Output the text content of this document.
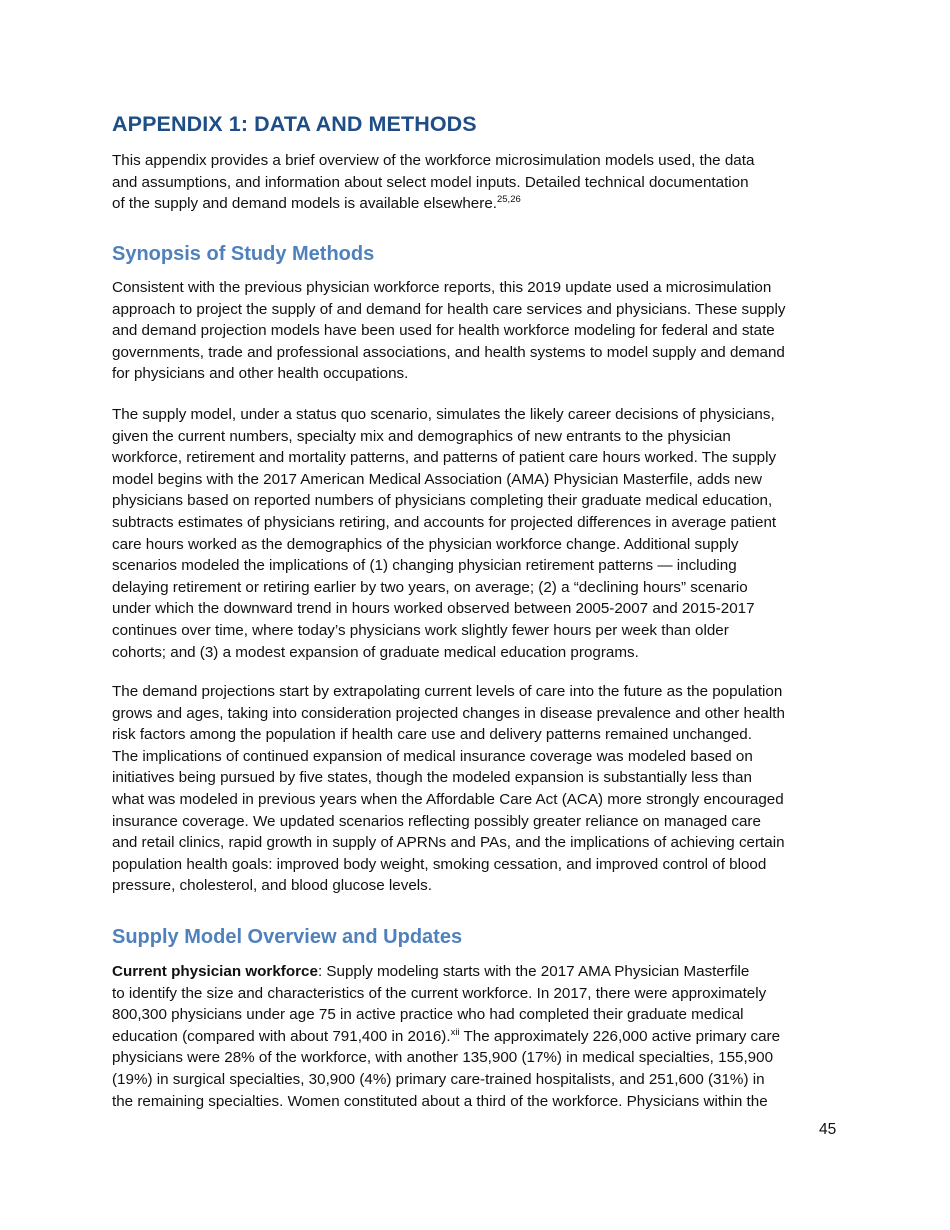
APPENDIX 1: DATA AND METHODS
This appendix provides a brief overview of the workforce microsimulation models used, the data
and assumptions, and information about select model inputs. Detailed technical documentation
of the supply and demand models is available elsewhere.$^{25,26}$
Synopsis of Study Methods
Consistent with the previous physician workforce reports, this 2019 update used a microsimulation
approach to project the supply of and demand for health care services and physicians. These supply
and demand projection models have been used for health workforce modeling for federal and state
governments, trade and professional associations, and health systems to model supply and demand
for physicians and other health occupations.
The supply model, under a status quo scenario, simulates the likely career decisions of physicians,
given the current numbers, specialty mix and demographics of new entrants to the physician
workforce, retirement and mortality patterns, and patterns of patient care hours worked. The supply
model begins with the 2017 American Medical Association (AMA) Physician Masterfile, adds new
physicians based on reported numbers of physicians completing their graduate medical education,
subtracts estimates of physicians retiring, and accounts for projected differences in average patient
care hours worked as the demographics of the physician workforce change. Additional supply
scenarios modeled the implications of (1) changing physician retirement patterns — including
delaying retirement or retiring earlier by two years, on average; (2) a “declining hours” scenario
under which the downward trend in hours worked observed between 2005-2007 and 2015-2017
continues over time, where today’s physicians work slightly fewer hours per week than older
cohorts; and (3) a modest expansion of graduate medical education programs.
The demand projections start by extrapolating current levels of care into the future as the population
grows and ages, taking into consideration projected changes in disease prevalence and other health
risk factors among the population if health care use and delivery patterns remained unchanged.
The implications of continued expansion of medical insurance coverage was modeled based on
initiatives being pursued by five states, though the modeled expansion is substantially less than
what was modeled in previous years when the Affordable Care Act (ACA) more strongly encouraged
insurance coverage. We updated scenarios reflecting possibly greater reliance on managed care
and retail clinics, rapid growth in supply of APRNs and PAs, and the implications of achieving certain
population health goals: improved body weight, smoking cessation, and improved control of blood
pressure, cholesterol, and blood glucose levels.
Supply Model Overview and Updates
Current physician workforce: Supply modeling starts with the 2017 AMA Physician Masterfile
to identify the size and characteristics of the current workforce. In 2017, there were approximately
800,300 physicians under age 75 in active practice who had completed their graduate medical
education (compared with about 791,400 in 2016).$^{xii}$ The approximately 226,000 active primary care
physicians were 28% of the workforce, with another 135,900 (17%) in medical specialties, 155,900
(19%) in surgical specialties, 30,900 (4%) primary care-trained hospitalists, and 251,600 (31%) in
the remaining specialties. Women constituted about a third of the workforce. Physicians within the
45
